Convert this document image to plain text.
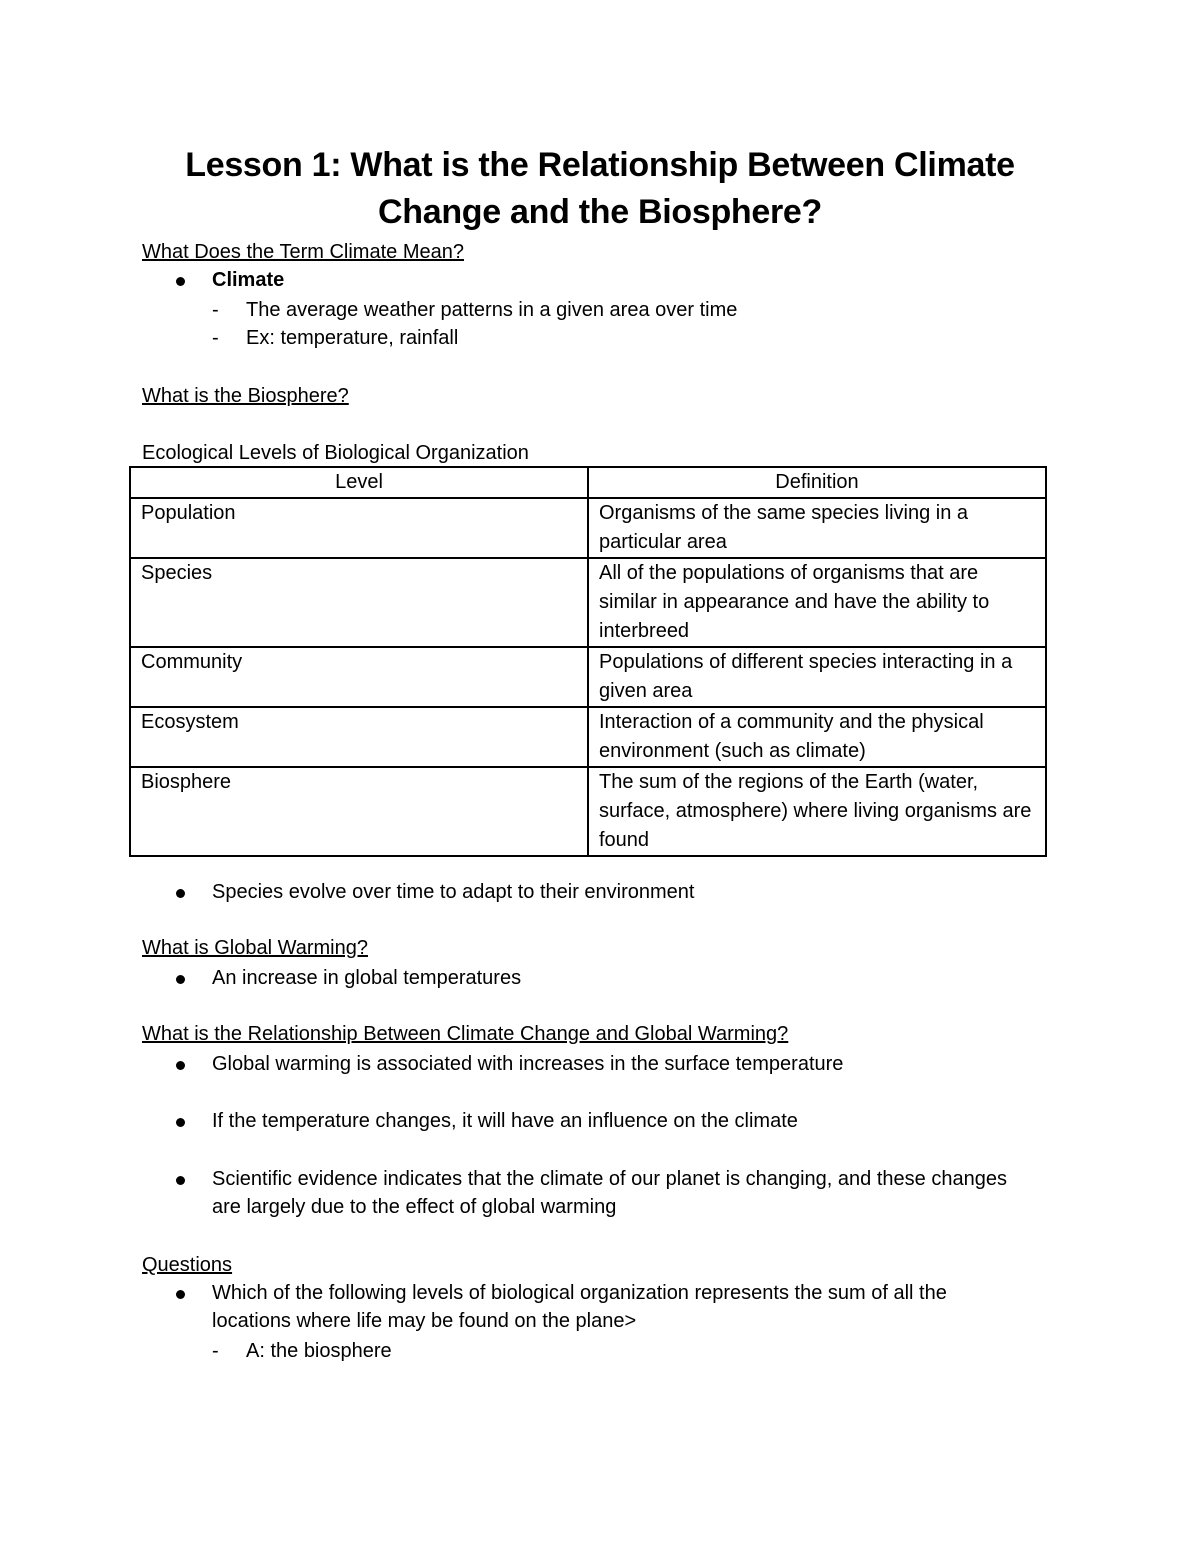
Lesson 1: What is the Relationship Between Climate
Change and the Biosphere?
What Does the Term Climate Mean?
Climate
- The average weather patterns in a given area over time
- Ex: temperature, rainfall
What is the Biosphere?
Ecological Levels of Biological Organization
Level	Definition
Population	Organisms of the same species living in a particular area
Species	All of the populations of organisms that are similar in appearance and have the ability to interbreed
Community	Populations of different species interacting in a given area
Ecosystem	Interaction of a community and the physical environment (such as climate)
Biosphere	The sum of the regions of the Earth (water, surface, atmosphere) where living organisms are found
Species evolve over time to adapt to their environment
What is Global Warming?
An increase in global temperatures
What is the Relationship Between Climate Change and Global Warming?
Global warming is associated with increases in the surface temperature
If the temperature changes, it will have an influence on the climate
Scientific evidence indicates that the climate of our planet is changing, and these changes are largely due to the effect of global warming
Questions
Which of the following levels of biological organization represents the sum of all the locations where life may be found on the plane>
- A: the biosphere
